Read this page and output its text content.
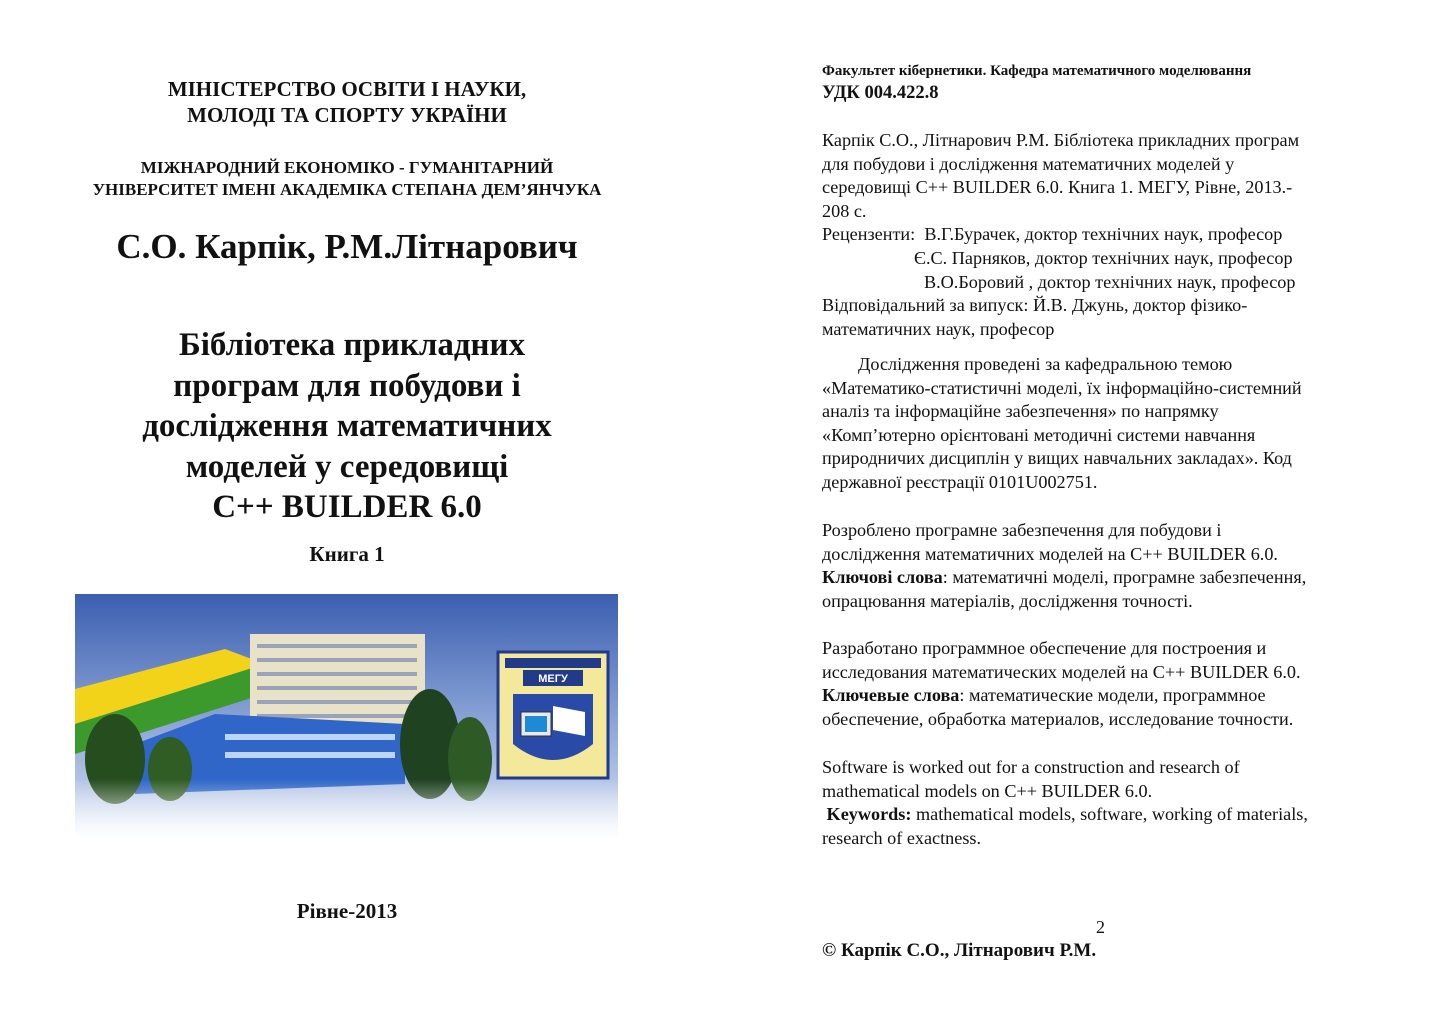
МІНІСТЕРСТВО ОСВІТИ І НАУКИ,
МОЛОДІ ТА СПОРТУ УКРАЇНИ
МІЖНАРОДНИЙ ЕКОНОМІКО - ГУМАНІТАРНИЙ
УНІВЕРСИТЕТ ІМЕНІ АКАДЕМІКА СТЕПАНА ДЕМ’ЯНЧУКА
С.О. Карпік, Р.М.Літнарович
Бібліотека прикладних
програм для побудови і
дослідження математичних
моделей у середовищі
C++ BUILDER 6.0
Книга 1
МЕГУ
Рівне-2013
Факультет кібернетики. Кафедра математичного моделювання
УДК 004.422.8

Карпік С.О., Літнарович Р.М. Бібліотека прикладних програм

для побудови і дослідження математичних моделей у

середовищі С++ BUILDER 6.0. Книга 1. МЕГУ, Рівне, 2013.-

208 с.

Рецензенти: В.Г.Бурачек, доктор технічних наук, професор

Є.С. Парняков, доктор технічних наук, професор

В.О.Боровий , доктор технічних наук, професор

Відповідальний за випуск: Й.В. Джунь, доктор фізико-

математичних наук, професор

Дослідження проведені за кафедральною темою

«Математико-статистичні моделі, їх інформаційно-системний

аналіз та інформаційне забезпечення» по напрямку

«Комп’ютерно орієнтовані методичні системи навчання

природничих дисциплін у вищих навчальних закладах». Код

державної реєстрації 0101U002751.

Розроблено програмне забезпечення для побудови і

дослідження математичних моделей на C++ BUILDER 6.0.

Ключові слова: математичні моделі, програмне забезпечення,

опрацювання матеріалів, дослідження точності.

Разработано программное обеспечение для построения и

исследования математических моделей на C++ BUILDER 6.0.

Ключевые слова: математические модели, программное

обеспечение, обработка материалов, исследование точности.

Software is worked out for a construction and research of

mathematical models on C++ BUILDER 6.0.

Keywords: mathematical models, software, working of materials,

research of exactness.

2
© Карпік С.О., Літнарович Р.М.
